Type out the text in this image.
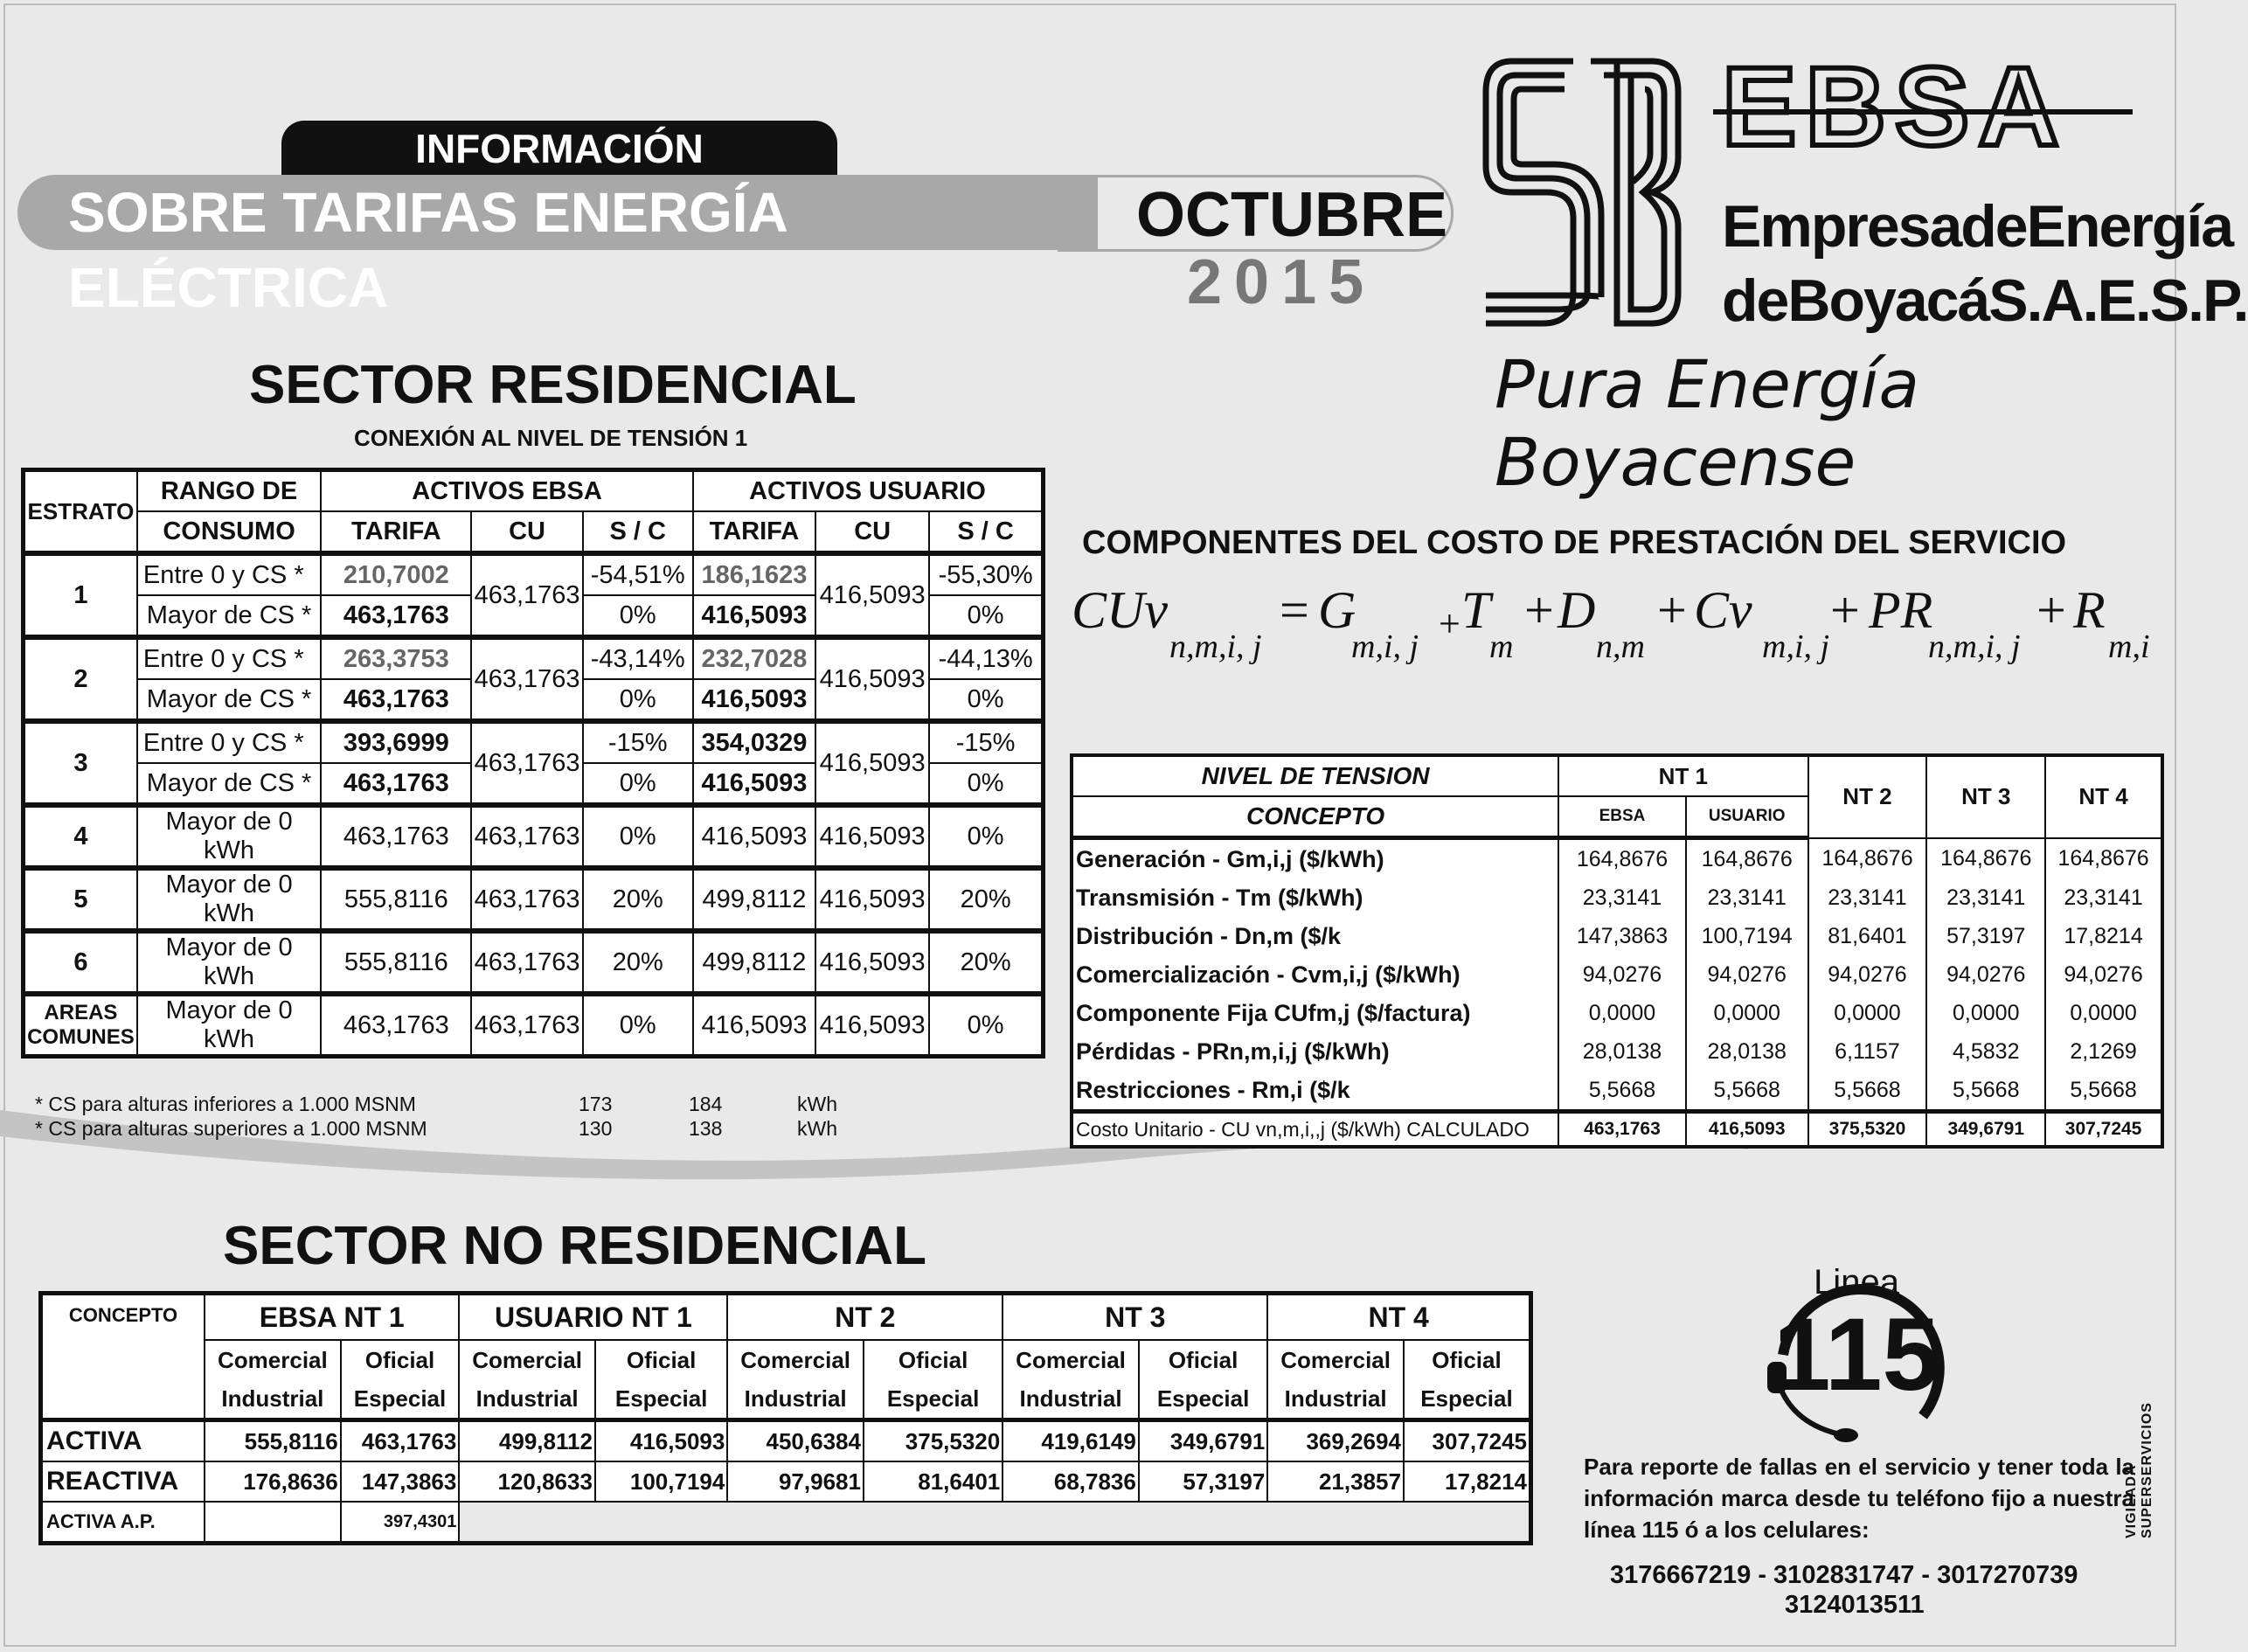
INFORMACIÓN
SOBRE TARIFAS ENERGÍA ELÉCTRICA
OCTUBRE
2015
EBSA
EmpresadeEnergía
deBoyacáS.A.E.S.P.
Pura Energía Boyacense
SECTOR RESIDENCIAL
CONEXIÓN AL NIVEL DE TENSIÓN 1
ESTRATO	RANGO DE	ACTIVOS EBSA			ACTIVOS USUARIO		
	CONSUMO	TARIFA	CU	S / C	TARIFA	CU	S / C
1	Entre 0 y CS *	210,7002	463,1763	-54,51%	186,1623	416,5093	-55,30%
	Mayor de CS *	463,1763		0%	416,5093		0%
2	Entre 0 y CS *	263,3753	463,1763	-43,14%	232,7028	416,5093	-44,13%
	Mayor de CS *	463,1763		0%	416,5093		0%
3	Entre 0 y CS *	393,6999	463,1763	-15%	354,0329	416,5093	-15%
	Mayor de CS *	463,1763		0%	416,5093		0%
4	Mayor de 0 kWh	463,1763	463,1763	0%	416,5093	416,5093	0%
5	Mayor de 0 kWh	555,8116	463,1763	20%	499,8112	416,5093	20%
6	Mayor de 0 kWh	555,8116	463,1763	20%	499,8112	416,5093	20%
AREAS
COMUNES	Mayor de 0 kWh	463,1763	463,1763	0%	416,5093	416,5093	0%
* CS para alturas inferiores a 1.000 MSNM	173	184	kWh
* CS para alturas superiores a 1.000 MSNM	130	138	kWh
COMPONENTES DEL COSTO DE PRESTACIÓN DEL SERVICIO
CUv
n,m,i, j
= G
m,i, j
+ T
m
+ D
n,m
+ Cv
m,i, j
+ PR
n,m,i, j
+ R
m,i
NIVEL DE TENSION	NT 1		NT 2	NT 3	NT 4
CONCEPTO	EBSA	USUARIO			
Generación - Gm,i,j ($/kWh)	164,8676	164,8676	164,8676	164,8676	164,8676
Transmisión - Tm ($/kWh)	23,3141	23,3141	23,3141	23,3141	23,3141
Distribución - Dn,m ($/k	147,3863	100,7194	81,6401	57,3197	17,8214
Comercialización - Cvm,i,j ($/kWh)	94,0276	94,0276	94,0276	94,0276	94,0276
Componente Fija CUfm,j ($/factura)	0,0000	0,0000	0,0000	0,0000	0,0000
Pérdidas - PRn,m,i,j ($/kWh)	28,0138	28,0138	6,1157	4,5832	2,1269
Restricciones - Rm,i ($/k	5,5668	5,5668	5,5668	5,5668	5,5668
Costo Unitario - CU vn,m,i,,j ($/kWh) CALCULADO	463,1763	416,5093	375,5320	349,6791	307,7245
SECTOR NO RESIDENCIAL
CONCEPTO	EBSA NT 1		USUARIO NT 1		NT 2		NT 3		NT 4	
	Comercial	Oficial	Comercial	Oficial	Comercial	Oficial	Comercial	Oficial	Comercial	Oficial
	Industrial	Especial	Industrial	Especial	Industrial	Especial	Industrial	Especial	Industrial	Especial
ACTIVA	555,8116	463,1763	499,8112	416,5093	450,6384	375,5320	419,6149	349,6791	369,2694	307,7245
REACTIVA	176,8636	147,3863	120,8633	100,7194	97,9681	81,6401	68,7836	57,3197	21,3857	17,8214
ACTIVA A.P.		397,4301								
Linea
115
Para reporte de fallas en el servicio y tener toda la información marca desde tu teléfono fijo a nuestra línea 115 ó a los celulares:
3176667219 - 3102831747 - 3017270739
3124013511
VIGILADA SUPERSERVICIOS
